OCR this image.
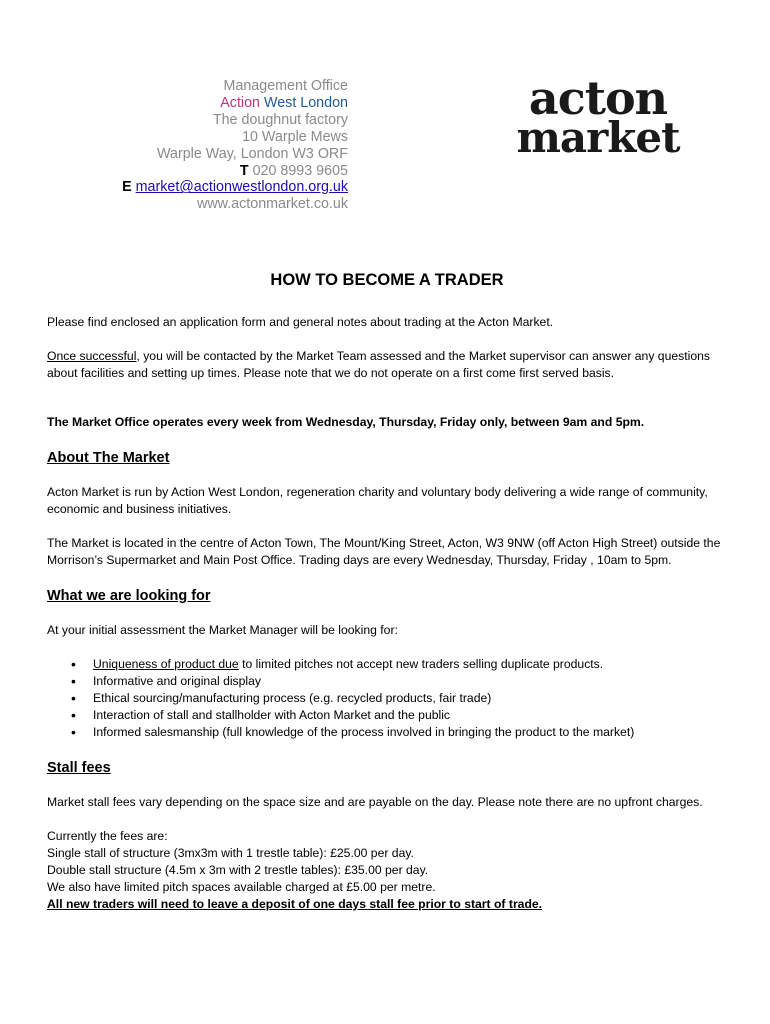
Management Office
Action West London
The doughnut factory
10 Warple Mews
Warple Way, London W3 ORF
T 020 8993 9605
E market@actionwestlondon.org.uk
www.actonmarket.co.uk
acton
market
HOW TO BECOME A TRADER

Please find enclosed an application form and general notes about trading at the Acton Market.

Once successful, you will be contacted by the Market Team assessed and the Market supervisor can answer any questions about facilities and setting up times. Please note that we do not operate on a first come first served basis.

The Market Office operates every week from Wednesday, Thursday, Friday only, between 9am and 5pm.

About The Market

Acton Market is run by Action West London, regeneration charity and voluntary body delivering a wide range of community, economic and business initiatives.

The Market is located in the centre of Acton Town, The Mount/King Street, Acton, W3 9NW (off Acton High Street) outside the Morrison’s Supermarket and Main Post Office. Trading days are every Wednesday, Thursday, Friday , 10am to 5pm.

What we are looking for

At your initial assessment the Market Manager will be looking for:

• Uniqueness of product due to limited pitches not accept new traders selling duplicate products.
• Informative and original display
• Ethical sourcing/manufacturing process (e.g. recycled products, fair trade)
• Interaction of stall and stallholder with Acton Market and the public
• Informed salesmanship (full knowledge of the process involved in bringing the product to the market)
Stall fees

Market stall fees vary depending on the space size and are payable on the day. Please note there are no upfront charges.

Currently the fees are:
Single stall of structure (3mx3m with 1 trestle table): £25.00 per day.
Double stall structure (4.5m x 3m with 2 trestle tables): £35.00 per day.
We also have limited pitch spaces available charged at £5.00 per metre.
All new traders will need to leave a deposit of one days stall fee prior to start of trade.
